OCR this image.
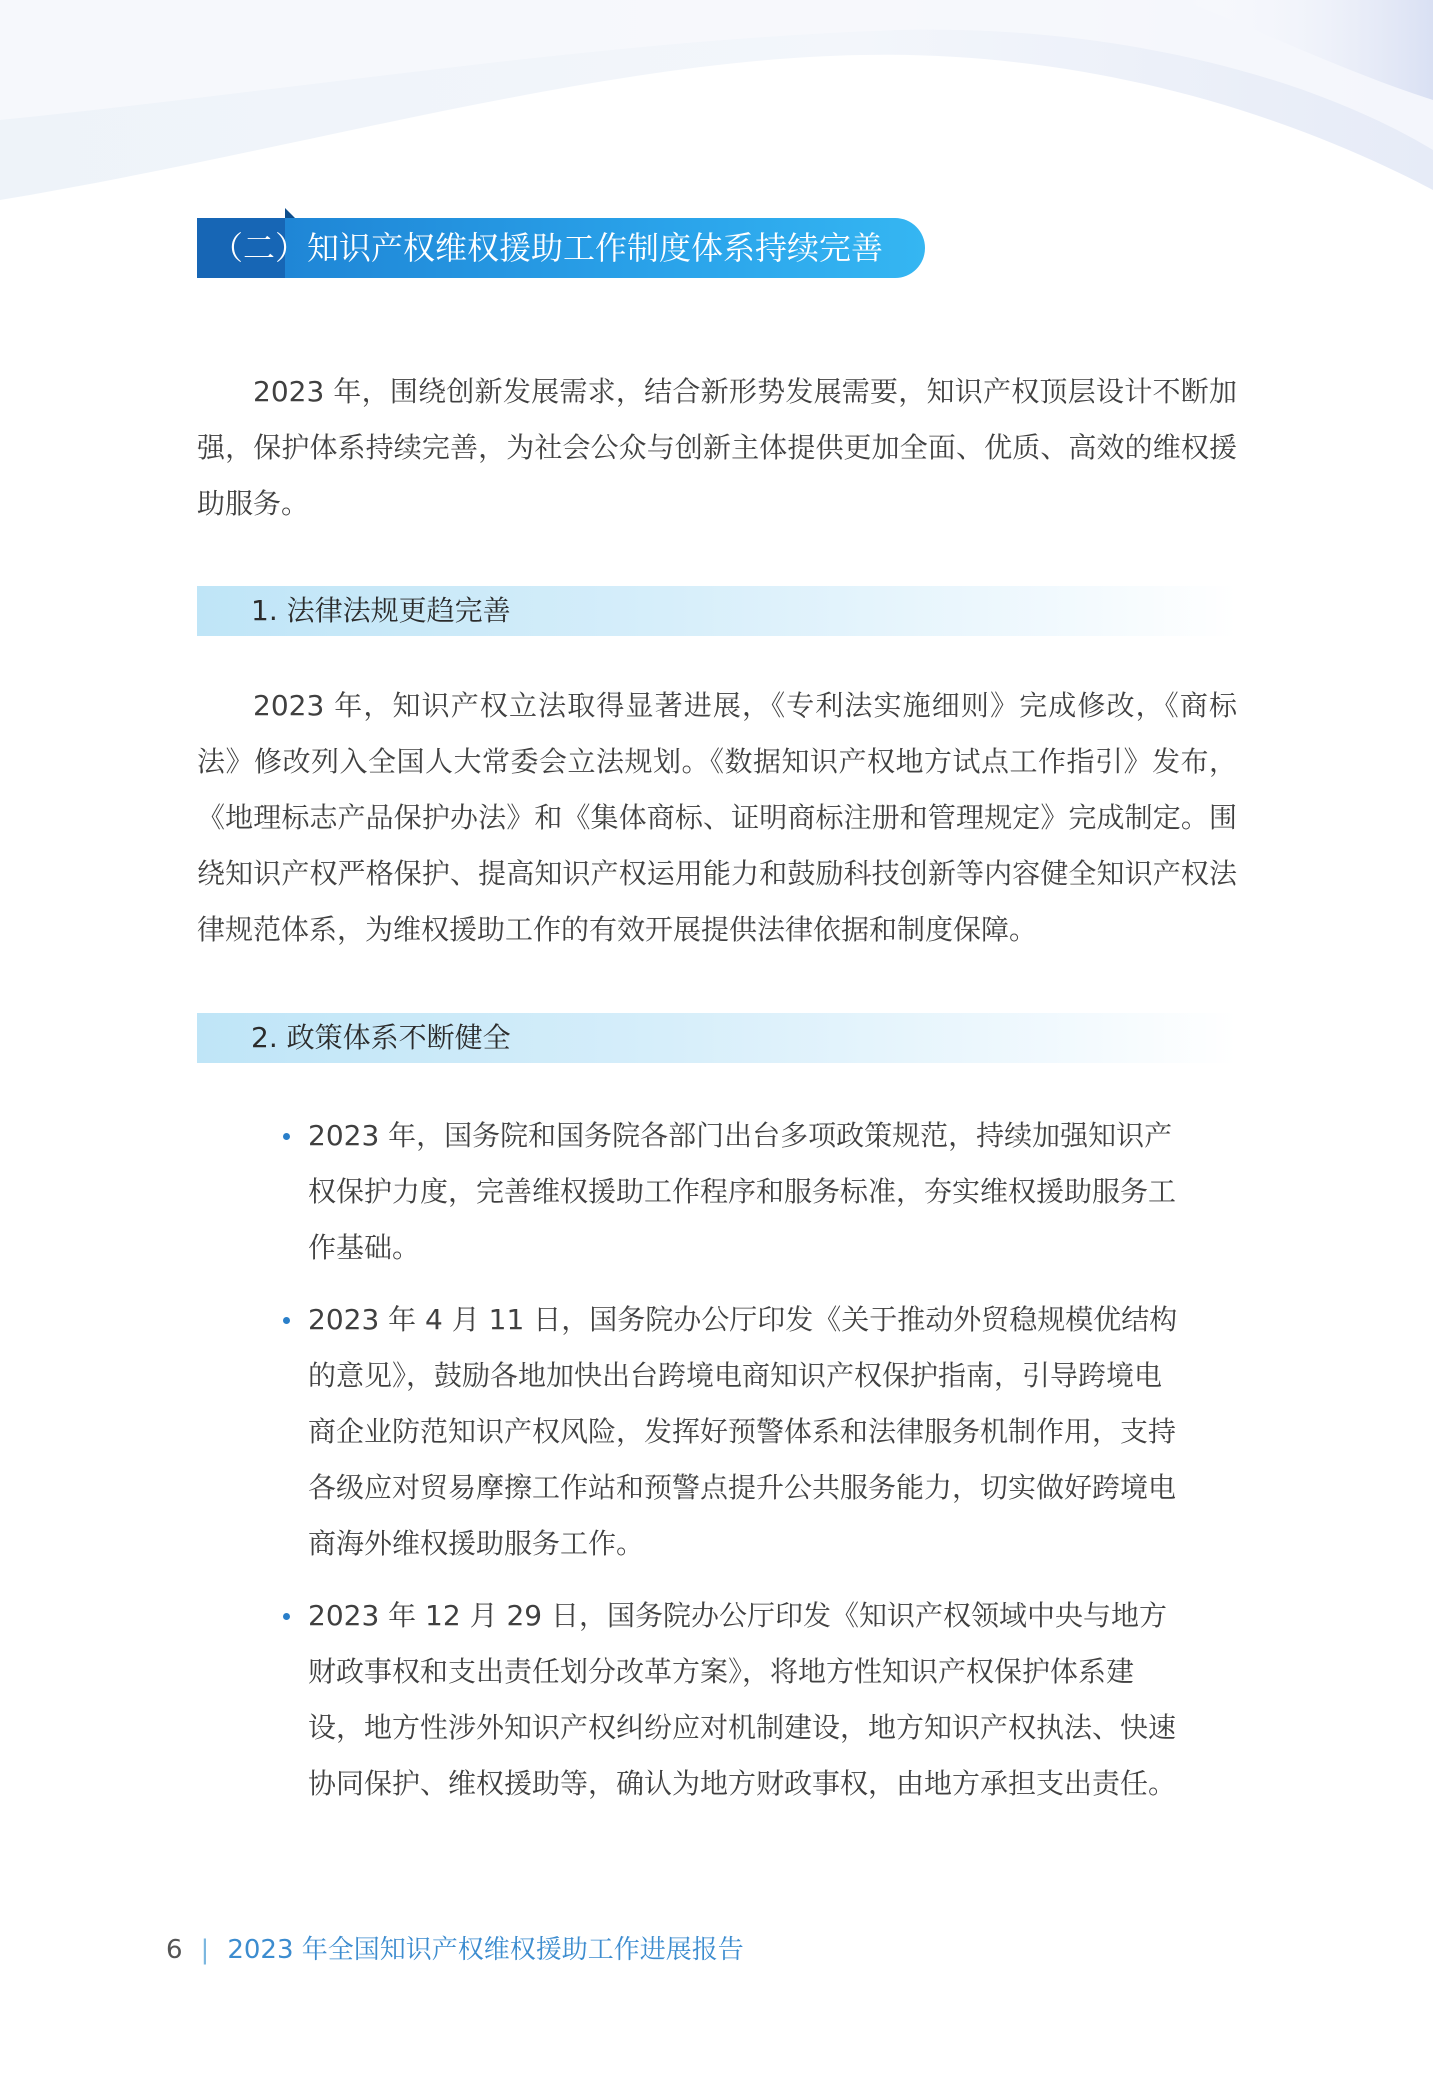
（二）知识产权维权援助工作制度体系持续完善

2023 年，围绕创新发展需求，结合新形势发展需要，知识产权顶层设计不断加强，保护体系持续完善，为社会公众与创新主体提供更加全面、优质、高效的维权援助服务。

1. 法律法规更趋完善

2023 年，知识产权立法取得显著进展，《专利法实施细则》完成修改，《商标法》修改列入全国人大常委会立法规划。《数据知识产权地方试点工作指引》发布，《地理标志产品保护办法》和《集体商标、证明商标注册和管理规定》完成制定。围绕知识产权严格保护、提高知识产权运用能力和鼓励科技创新等内容健全知识产权法律规范体系，为维权援助工作的有效开展提供法律依据和制度保障。

2. 政策体系不断健全
2023 年，国务院和国务院各部门出台多项政策规范，持续加强知识产权保护力度，完善维权援助工作程序和服务标准，夯实维权援助服务工作基础。
2023 年 4 月 11 日，国务院办公厅印发《关于推动外贸稳规模优结构的意见》，鼓励各地加快出台跨境电商知识产权保护指南，引导跨境电商企业防范知识产权风险，发挥好预警体系和法律服务机制作用，支持各级应对贸易摩擦工作站和预警点提升公共服务能力，切实做好跨境电商海外维权援助服务工作。
2023 年 12 月 29 日，国务院办公厅印发《知识产权领域中央与地方财政事权和支出责任划分改革方案》，将地方性知识产权保护体系建设，地方性涉外知识产权纠纷应对机制建设，地方知识产权执法、快速协同保护、维权援助等，确认为地方财政事权，由地方承担支出责任。
6 | 2023 年全国知识产权维权援助工作进展报告
